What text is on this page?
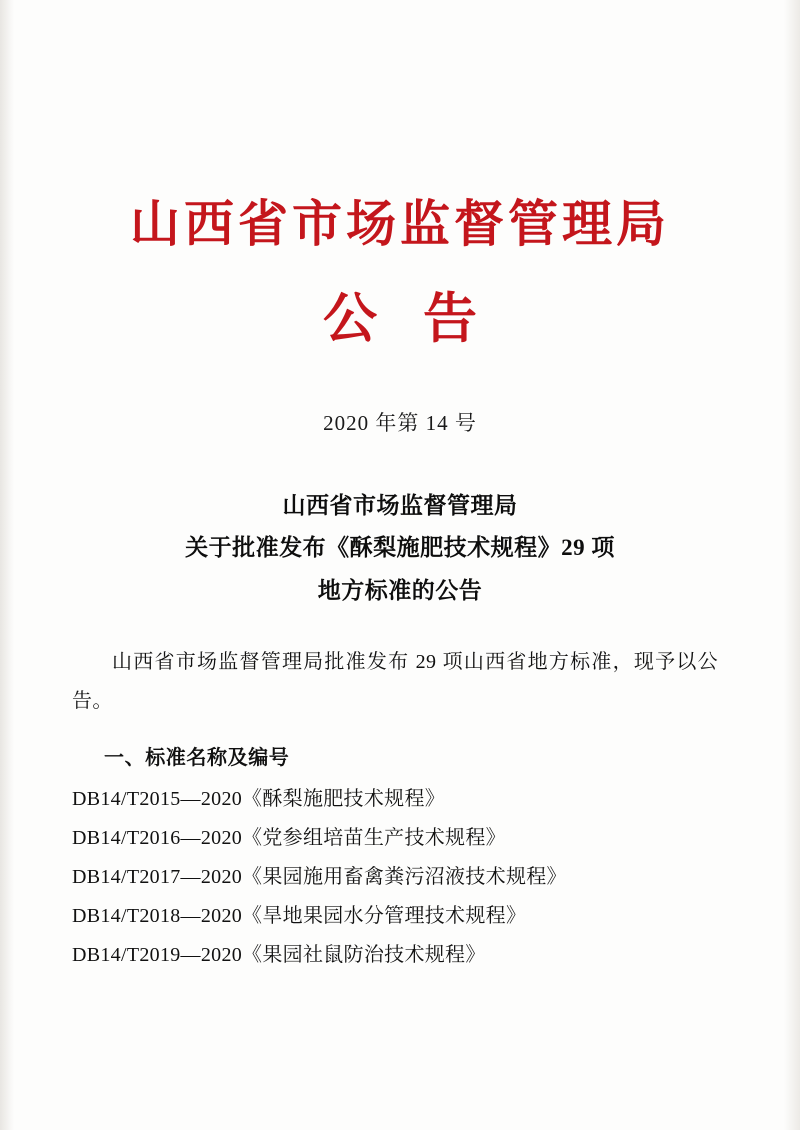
山西省市场监督管理局
公告
2020 年第 14 号
山西省市场监督管理局
关于批准发布《酥梨施肥技术规程》29 项
地方标准的公告

山西省市场监督管理局批准发布 29 项山西省地方标准，现予以公告。

一、标准名称及编号
DB14/T2015—2020《酥梨施肥技术规程》
DB14/T2016—2020《党参组培苗生产技术规程》
DB14/T2017—2020《果园施用畜禽粪污沼液技术规程》
DB14/T2018—2020《旱地果园水分管理技术规程》
DB14/T2019—2020《果园社鼠防治技术规程》
